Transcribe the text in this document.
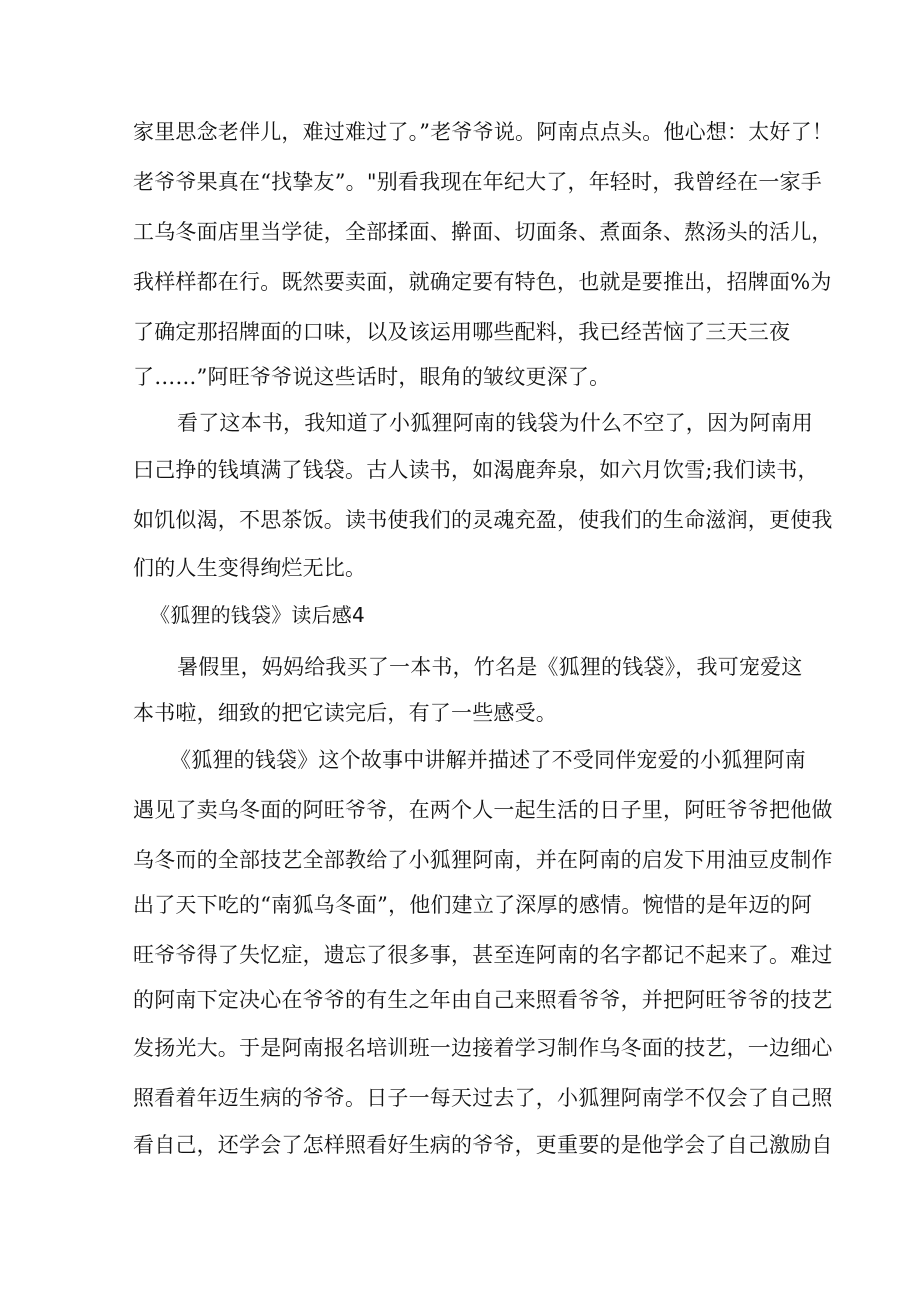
家里思念老伴儿，难过难过了。”老爷爷说。阿南点点头。他心想：太好了！
老爷爷果真在“找挚友”。"别看我现在年纪大了，年轻时，我曾经在一家手
工乌冬面店里当学徒，全部揉面、擀面、切面条、煮面条、熬汤头的活儿，
我样样都在行。既然要卖面，就确定要有特色，也就是要推出，招牌面%为
了确定那招牌面的口味，以及该运用哪些配料，我已经苦恼了三天三夜
了……”阿旺爷爷说这些话时，眼角的皱纹更深了。
看了这本书，我知道了小狐狸阿南的钱袋为什么不空了，因为阿南用
曰己挣的钱填满了钱袋。古人读书，如渴鹿奔泉，如六月饮雪;我们读书，
如饥似渴，不思茶饭。读书使我们的灵魂充盈，使我们的生命滋润，更使我
们的人生变得绚烂无比。
《狐狸的钱袋》读后感4
暑假里，妈妈给我买了一本书，竹名是《狐狸的钱袋》，我可宠爱这
本书啦，细致的把它读完后，有了一些感受。
《狐狸的钱袋》这个故事中讲解并描述了不受同伴宠爱的小狐狸阿南
遇见了卖乌冬面的阿旺爷爷，在两个人一起生活的日子里，阿旺爷爷把他做
乌冬而的全部技艺全部教给了小狐狸阿南，并在阿南的启发下用油豆皮制作
出了天下吃的“南狐乌冬面”，他们建立了深厚的感情。惋惜的是年迈的阿
旺爷爷得了失忆症，遗忘了很多事，甚至连阿南的名字都记不起来了。难过
的阿南下定决心在爷爷的有生之年由自己来照看爷爷，并把阿旺爷爷的技艺
发扬光大。于是阿南报名培训班一边接着学习制作乌冬面的技艺，一边细心
照看着年迈生病的爷爷。日子一每天过去了，小狐狸阿南学不仅会了自己照
看自己，还学会了怎样照看好生病的爷爷，更重要的是他学会了自己激励自
